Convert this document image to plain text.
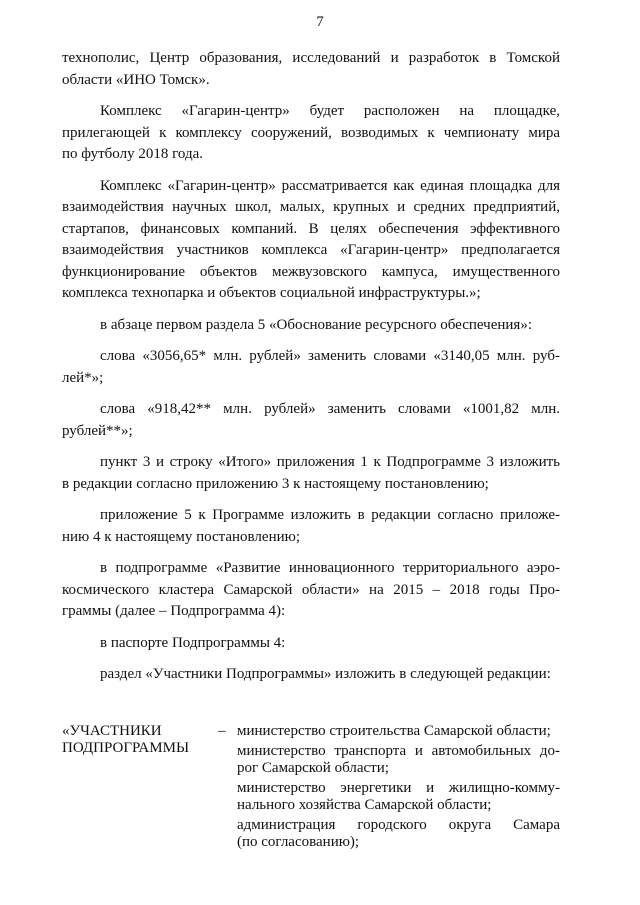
7
технополис, Центр образования, исследований и разработок в Томской
области «ИНО Томск».
Комплекс «Гагарин-центр» будет расположен на площадке,
прилегающей к комплексу сооружений, возводимых к чемпионату мира
по футболу 2018 года.
Комплекс «Гагарин-центр» рассматривается как единая площадка для
взаимодействия научных школ, малых, крупных и средних предприятий,
стартапов, финансовых компаний. В целях обеспечения эффективного
взаимодействия участников комплекса «Гагарин-центр» предполагается
функционирование объектов межвузовского кампуса, имущественного
комплекса технопарка и объектов социальной инфраструктуры.»;
в абзаце первом раздела 5 «Обоснование ресурсного обеспечения»:
слова «3056,65* млн. рублей» заменить словами «3140,05 млн. руб-
лей*»;
слова «918,42** млн. рублей» заменить словами «1001,82 млн.
рублей**»;
пункт 3 и строку «Итого» приложения 1 к Подпрограмме 3 изложить
в редакции согласно приложению 3 к настоящему постановлению;
приложение 5 к Программе изложить в редакции согласно приложе-
нию 4 к настоящему постановлению;
в подпрограмме «Развитие инновационного территориального аэро-
космического кластера Самарской области» на 2015 – 2018 годы Про-
граммы (далее – Подпрограмма 4):
в паспорте Подпрограммы 4:
раздел «Участники Подпрограммы» изложить в следующей редакции:
«УЧАСТНИКИ
ПОДПРОГРАММЫ
– министерство строительства Самарской области;
министерство транспорта и автомобильных до-
рог Самарской области;
министерство энергетики и жилищно-комму-
нального хозяйства Самарской области;
администрация городского округа Самара
(по согласованию);
